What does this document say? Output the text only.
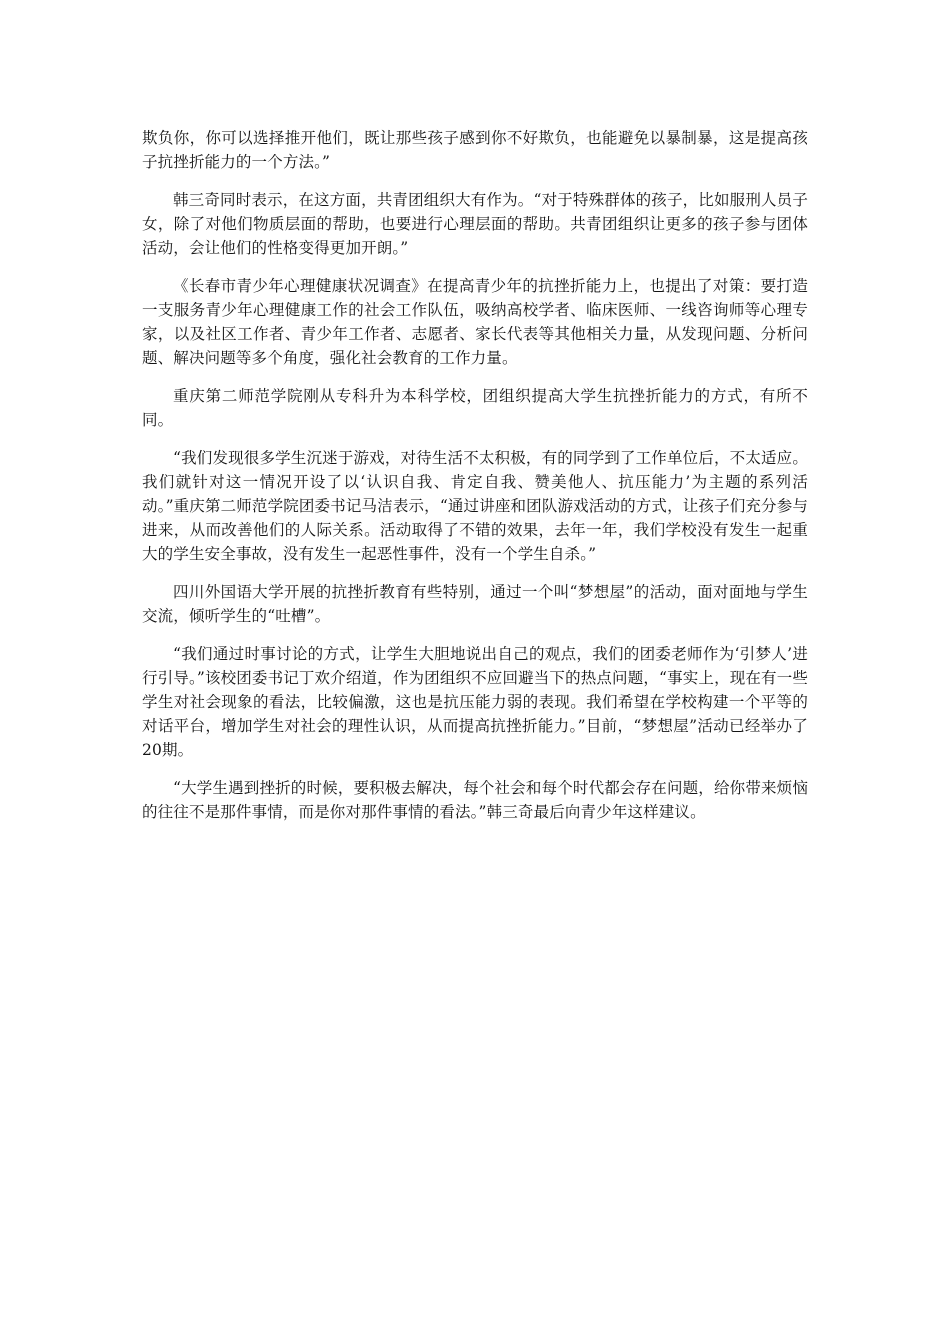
欺负你，你可以选择推开他们，既让那些孩子感到你不好欺负，也能避免以暴制暴，这是提高孩子抗挫折能力的一个方法。”

韩三奇同时表示，在这方面，共青团组织大有作为。“对于特殊群体的孩子，比如服刑人员子女，除了对他们物质层面的帮助，也要进行心理层面的帮助。共青团组织让更多的孩子参与团体活动，会让他们的性格变得更加开朗。”

《长春市青少年心理健康状况调查》在提高青少年的抗挫折能力上，也提出了对策：要打造一支服务青少年心理健康工作的社会工作队伍，吸纳高校学者、临床医师、一线咨询师等心理专家，以及社区工作者、青少年工作者、志愿者、家长代表等其他相关力量，从发现问题、分析问题、解决问题等多个角度，强化社会教育的工作力量。

重庆第二师范学院刚从专科升为本科学校，团组织提高大学生抗挫折能力的方式，有所不同。

“我们发现很多学生沉迷于游戏，对待生活不太积极，有的同学到了工作单位后，不太适应。我们就针对这一情况开设了以‘认识自我、肯定自我、赞美他人、抗压能力’为主题的系列活动。”重庆第二师范学院团委书记马洁表示，“通过讲座和团队游戏活动的方式，让孩子们充分参与进来，从而改善他们的人际关系。活动取得了不错的效果，去年一年，我们学校没有发生一起重大的学生安全事故，没有发生一起恶性事件，没有一个学生自杀。”

四川外国语大学开展的抗挫折教育有些特别，通过一个叫“梦想屋”的活动，面对面地与学生交流，倾听学生的“吐槽”。

“我们通过时事讨论的方式，让学生大胆地说出自己的观点，我们的团委老师作为‘引梦人’进行引导。”该校团委书记丁欢介绍道，作为团组织不应回避当下的热点问题，“事实上，现在有一些学生对社会现象的看法，比较偏激，这也是抗压能力弱的表现。我们希望在学校构建一个平等的对话平台，增加学生对社会的理性认识，从而提高抗挫折能力。”目前，“梦想屋”活动已经举办了20期。

“大学生遇到挫折的时候，要积极去解决，每个社会和每个时代都会存在问题，给你带来烦恼的往往不是那件事情，而是你对那件事情的看法。”韩三奇最后向青少年这样建议。
